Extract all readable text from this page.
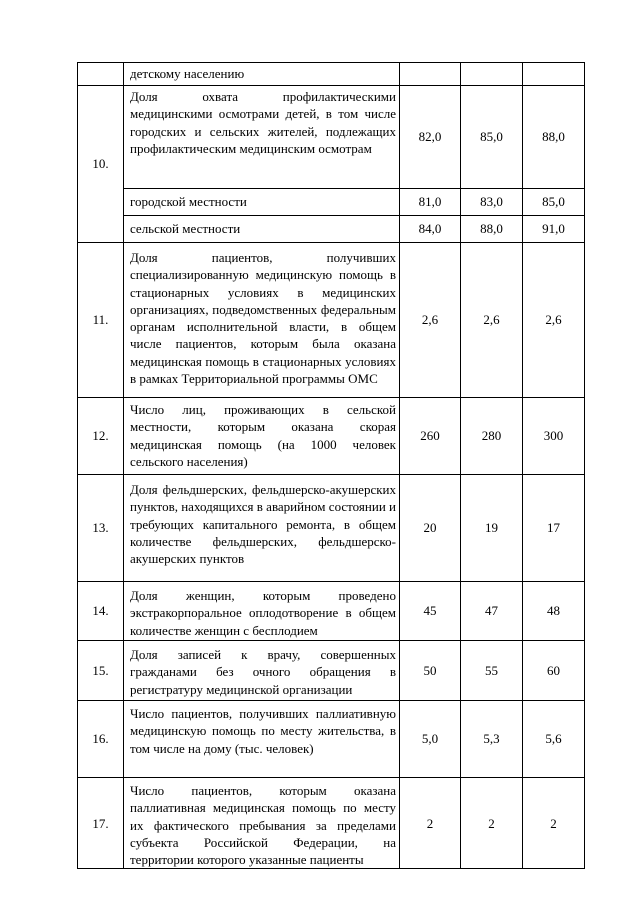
	детскому населению			
10.	Доля охвата профилактическими медицинскими осмотрами детей, в том числе городских и сельских жителей, подлежащих профилактическим медицинским осмотрам	82,0	85,0	88,0
	городской местности	81,0	83,0	85,0
	сельской местности	84,0	88,0	91,0
11.	Доля пациентов, получивших специализированную медицинскую помощь в стационарных условиях в медицинских организациях, подведомственных федеральным органам исполнительной власти, в общем числе пациентов, которым была оказана медицинская помощь в стационарных условиях в рамках Территориальной программы ОМС	2,6	2,6	2,6
12.	Число лиц, проживающих в сельской местности, которым оказана скорая медицинская помощь (на 1000 человек сельского населения)	260	280	300
13.	Доля фельдшерских, фельдшерско-акушерских пунктов, находящихся в аварийном состоянии и требующих капитального ремонта, в общем количестве фельдшерских, фельдшерско-акушерских пунктов	20	19	17
14.	Доля женщин, которым проведено экстракорпоральное оплодотворение в общем количестве женщин с бесплодием	45	47	48
15.	Доля записей к врачу, совершенных гражданами без очного обращения в регистратуру медицинской организации	50	55	60
16.	Число пациентов, получивших паллиативную медицинскую помощь по месту жительства, в том числе на дому (тыс. человек)	5,0	5,3	5,6
17.	Число пациентов, которым оказана паллиативная медицинская помощь по месту их фактического пребывания за пределами субъекта Российской Федерации, на территории которого указанные пациенты	2	2	2
